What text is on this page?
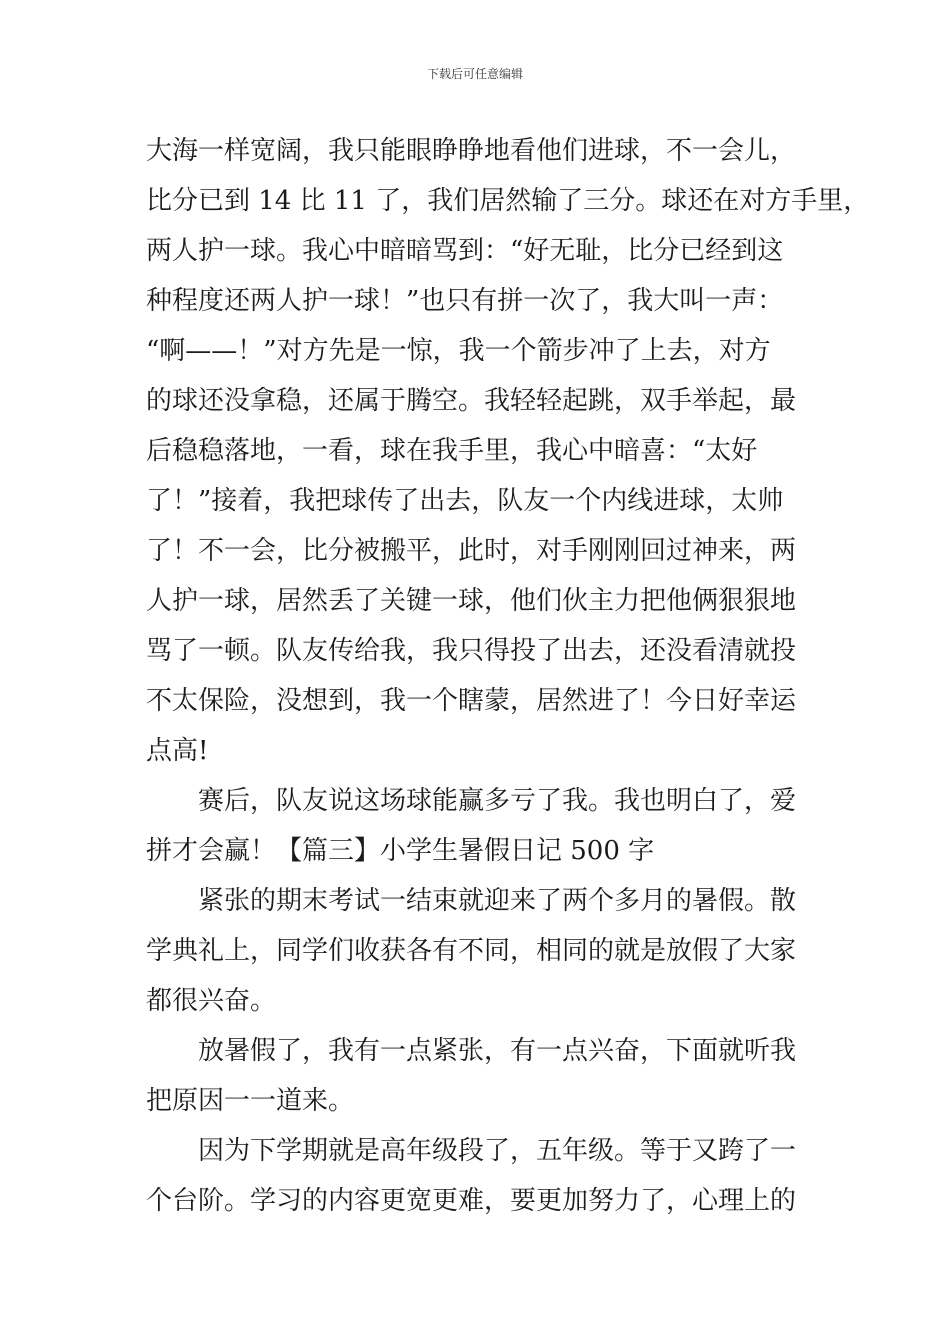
下载后可任意编辑
大海一样宽阔，我只能眼睁睁地看他们进球，不一会儿，
比分已到 14 比 11 了，我们居然输了三分。球还在对方手里，
两人护一球。我心中暗暗骂到：“好无耻，比分已经到这
种程度还两人护一球！”也只有拼一次了，我大叫一声：
“啊——！”对方先是一惊，我一个箭步冲了上去，对方
的球还没拿稳，还属于腾空。我轻轻起跳，双手举起，最
后稳稳落地，一看，球在我手里，我心中暗喜：“太好
了！”接着，我把球传了出去，队友一个内线进球，太帅
了！不一会，比分被搬平，此时，对手刚刚回过神来，两
人护一球，居然丢了关键一球，他们伙主力把他俩狠狠地
骂了一顿。队友传给我，我只得投了出去，还没看清就投
不太保险，没想到，我一个瞎蒙，居然进了！今日好幸运
点高!
赛后，队友说这场球能赢多亏了我。我也明白了，爱
拼才会赢！【篇三】小学生暑假日记 500 字
紧张的期末考试一结束就迎来了两个多月的暑假。散
学典礼上，同学们收获各有不同，相同的就是放假了大家
都很兴奋。
放暑假了，我有一点紧张，有一点兴奋，下面就听我
把原因一一道来。
因为下学期就是高年级段了，五年级。等于又跨了一
个台阶。学习的内容更宽更难，要更加努力了，心理上的
